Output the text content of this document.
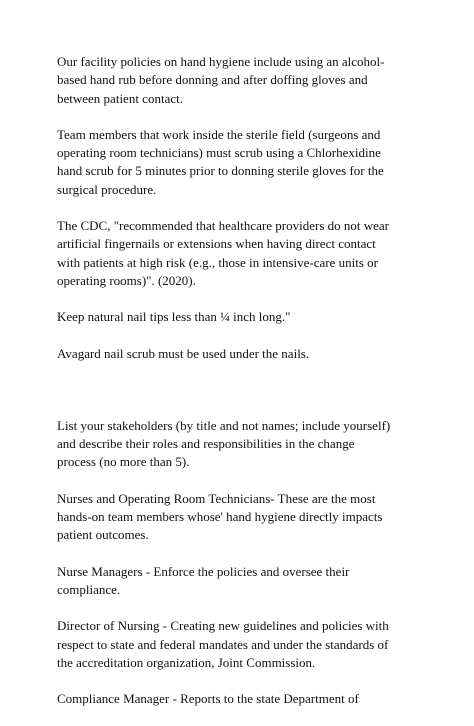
Our facility policies on hand hygiene include using an alcohol-
based hand rub before donning and after doffing gloves and
between patient contact.

Team members that work inside the sterile field (surgeons and
operating room technicians) must scrub using a Chlorhexidine
hand scrub for 5 minutes prior to donning sterile gloves for the
surgical procedure.

The CDC, "recommended that healthcare providers do not wear
artificial fingernails or extensions when having direct contact
with patients at high risk (e.g., those in intensive-care units or
operating rooms)". (2020).

Keep natural nail tips less than ¼ inch long."

Avagard nail scrub must be used under the nails.

List your stakeholders (by title and not names; include yourself)
and describe their roles and responsibilities in the change
process (no more than 5).

Nurses and Operating Room Technicians- These are the most
hands-on team members whose' hand hygiene directly impacts
patient outcomes.

Nurse Managers - Enforce the policies and oversee their
compliance.

Director of Nursing - Creating new guidelines and policies with
respect to state and federal mandates and under the standards of
the accreditation organization, Joint Commission.

Compliance Manager - Reports to the state Department of
